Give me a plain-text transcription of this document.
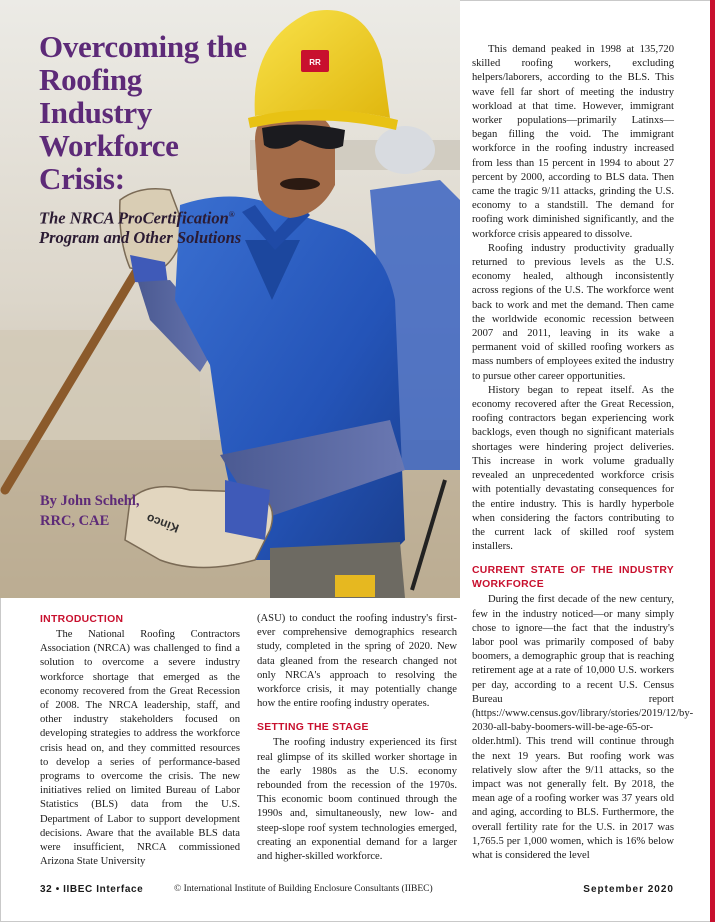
RR
Kinco
Overcoming the Roofing Industry Workforce Crisis:
The NRCA ProCertification® Program and Other Solutions
By John Schehl,
RRC, CAE
INTRODUCTION

The National Roofing Contractors Association (NRCA) was challenged to find a solution to overcome a severe industry workforce shortage that emerged as the economy recovered from the Great Recession of 2008. The NRCA leadership, staff, and other industry stakeholders focused on developing strategies to address the workforce crisis head on, and they committed resources to develop a series of performance-based programs to overcome the crisis. The new initiatives relied on limited Bureau of Labor Statistics (BLS) data from the U.S. Department of Labor to support development decisions. Aware that the available BLS data were insufficient, NRCA commissioned Arizona State University

(ASU) to conduct the roofing industry's first-ever comprehensive demographics research study, completed in the spring of 2020. New data gleaned from the research changed not only NRCA's approach to resolving the workforce crisis, it may potentially change how the entire roofing industry operates.

SETTING THE STAGE

The roofing industry experienced its first real glimpse of its skilled worker shortage in the early 1980s as the U.S. economy rebounded from the recession of the 1970s. This economic boom continued through the 1990s and, simultaneously, new low- and steep-slope roof system technologies emerged, creating an exponential demand for a larger and higher-skilled workforce.

This demand peaked in 1998 at 135,720 skilled roofing workers, excluding helpers/laborers, according to the BLS. This wave fell far short of meeting the industry workload at that time. However, immigrant worker populations—primarily Latinxs—began filling the void. The immigrant workforce in the roofing industry increased from less than 15 percent in 1994 to about 27 percent by 2000, according to BLS data. Then came the tragic 9/11 attacks, grinding the U.S. economy to a standstill. The demand for roofing work diminished significantly, and the workforce crisis appeared to dissolve.

Roofing industry productivity gradually returned to previous levels as the U.S. economy healed, although inconsistently across regions of the U.S. The workforce went back to work and met the demand. Then came the worldwide economic recession between 2007 and 2011, leaving in its wake a permanent void of skilled roofing workers as mass numbers of employees exited the industry to pursue other career opportunities.

History began to repeat itself. As the economy recovered after the Great Recession, roofing contractors began experiencing work backlogs, even though no significant materials shortages were hindering project deliveries. This increase in work volume gradually revealed an unprecedented workforce crisis with potentially devastating consequences for the entire industry. This is hardly hyperbole when considering the factors contributing to the current lack of skilled roof system installers.

CURRENT STATE OF THE INDUSTRY WORKFORCE

During the first decade of the new century, few in the industry noticed—or many simply chose to ignore—the fact that the industry's labor pool was primarily composed of baby boomers, a demographic group that is reaching retirement age at a rate of 10,000 U.S. workers per day, according to a recent U.S. Census Bureau report (https://www.census.gov/library/stories/2019/12/by-2030-all-baby-boomers-will-be-age-65-or-older.html). This trend will continue through the next 19 years. But roofing work was relatively slow after the 9/11 attacks, so the impact was not generally felt. By 2018, the mean age of a roofing worker was 37 years old and aging, according to BLS. Furthermore, the overall fertility rate for the U.S. in 2017 was 1,765.5 per 1,000 women, which is 16% below what is considered the level

32 • IIBEC Interface	© International Institute of Building Enclosure Consultants (IIBEC)	September 2020
